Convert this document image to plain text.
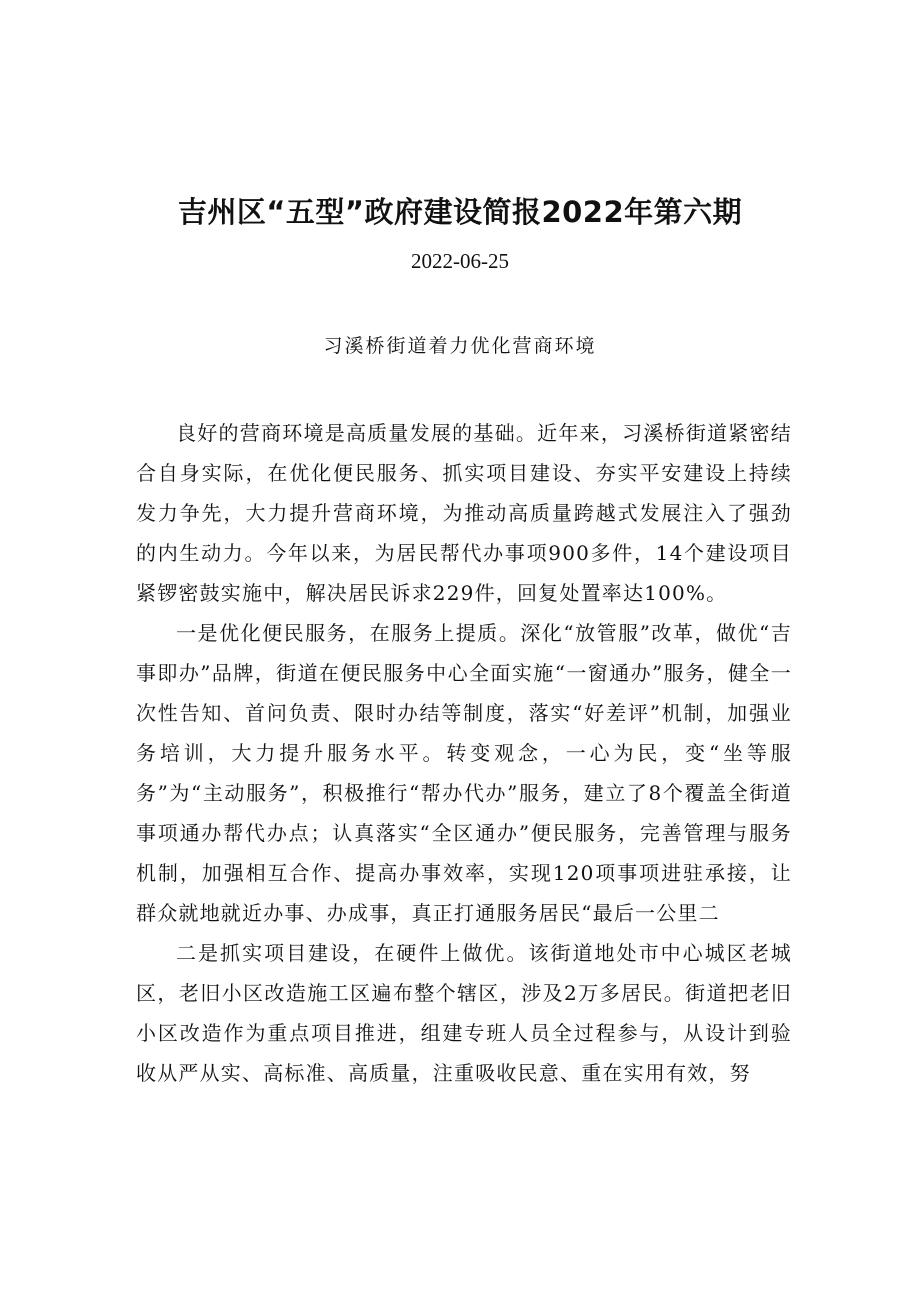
吉州区“五型”政府建设简报2022年第六期
2022-06-25
习溪桥街道着力优化营商环境

良好的营商环境是高质量发展的基础。近年来，习溪桥街道紧密结合自身实际，在优化便民服务、抓实项目建设、夯实平安建设上持续发力争先，大力提升营商环境，为推动高质量跨越式发展注入了强劲的内生动力。今年以来，为居民帮代办事项900多件，14个建设项目紧锣密鼓实施中，解决居民诉求229件，回复处置率达100%。

一是优化便民服务，在服务上提质。深化“放管服”改革，做优“吉事即办”品牌，街道在便民服务中心全面实施“一窗通办”服务，健全一次性告知、首问负责、限时办结等制度，落实“好差评”机制，加强业务培训，大力提升服务水平。转变观念，一心为民，变“坐等服务”为“主动服务”，积极推行“帮办代办”服务，建立了8个覆盖全街道事项通办帮代办点；认真落实“全区通办”便民服务，完善管理与服务机制，加强相互合作、提高办事效率，实现120项事项进驻承接，让群众就地就近办事、办成事，真正打通服务居民“最后一公里二

二是抓实项目建设，在硬件上做优。该街道地处市中心城区老城区，老旧小区改造施工区遍布整个辖区，涉及2万多居民。街道把老旧小区改造作为重点项目推进，组建专班人员全过程参与，从设计到验收从严从实、高标准、高质量，注重吸收民意、重在实用有效，努
